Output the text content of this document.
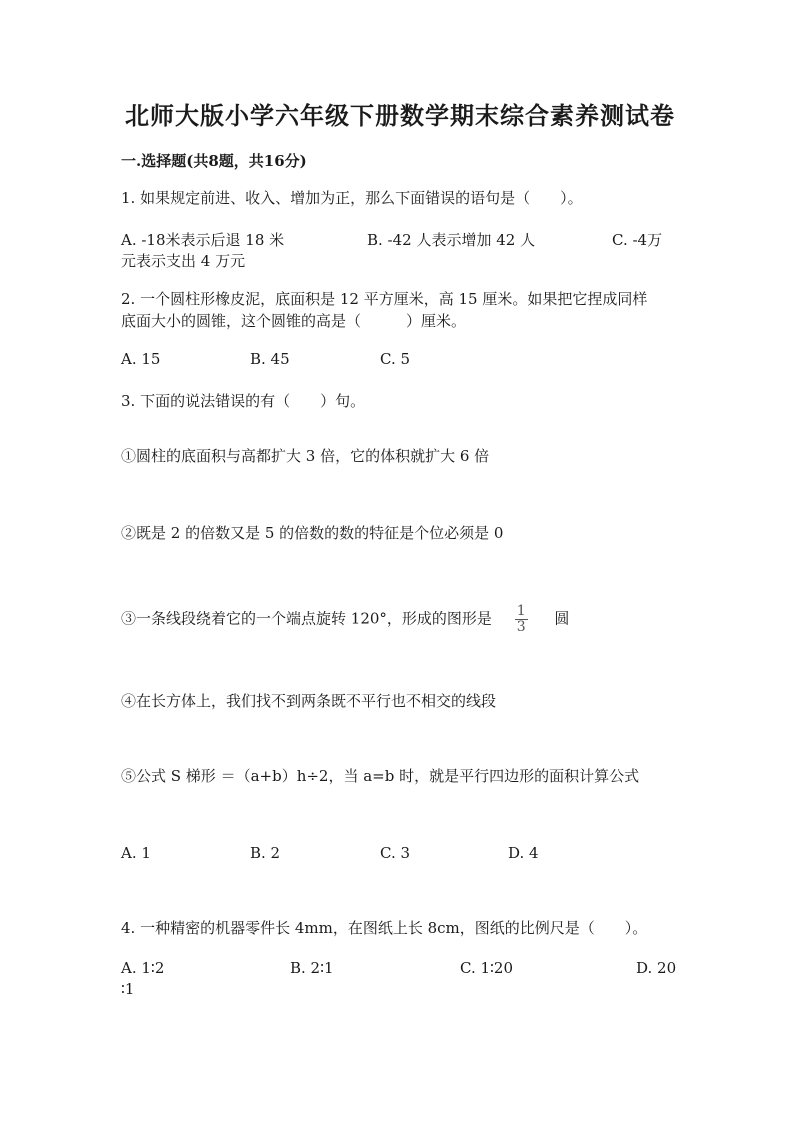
北师大版小学六年级下册数学期末综合素养测试卷
一.选择题(共8题，共16分)
1. 如果规定前进、收入、增加为正，那么下面错误的语句是（　　）。
A. -18米表示后退 18 米	B. -42 人表示增加 42 人	C. -4万
元表示支出 4 万元
2. 一个圆柱形橡皮泥，底面积是 12 平方厘米，高 15 厘米。如果把它捏成同样
底面大小的圆锥，这个圆锥的高是（　　　）厘米。
A. 15	B. 45	C. 5
3. 下面的说法错误的有（　　）句。
①圆柱的底面积与高都扩大 3 倍，它的体积就扩大 6 倍
②既是 2 的倍数又是 5 的倍数的数的特征是个位必须是 0
③一条线段绕着它的一个端点旋转 120°，形成的图形是 $\frac{1}{3}$ 圆
④在长方体上，我们找不到两条既不平行也不相交的线段
⑤公式 S 梯形 ＝（a+b）h÷2，当 a=b 时，就是平行四边形的面积计算公式
A. 1	B. 2	C. 3	D. 4
4. 一种精密的机器零件长 4mm，在图纸上长 8cm，图纸的比例尺是（　　）。
A. 1∶2	B. 2∶1	C. 1∶20	D. 20
∶1
